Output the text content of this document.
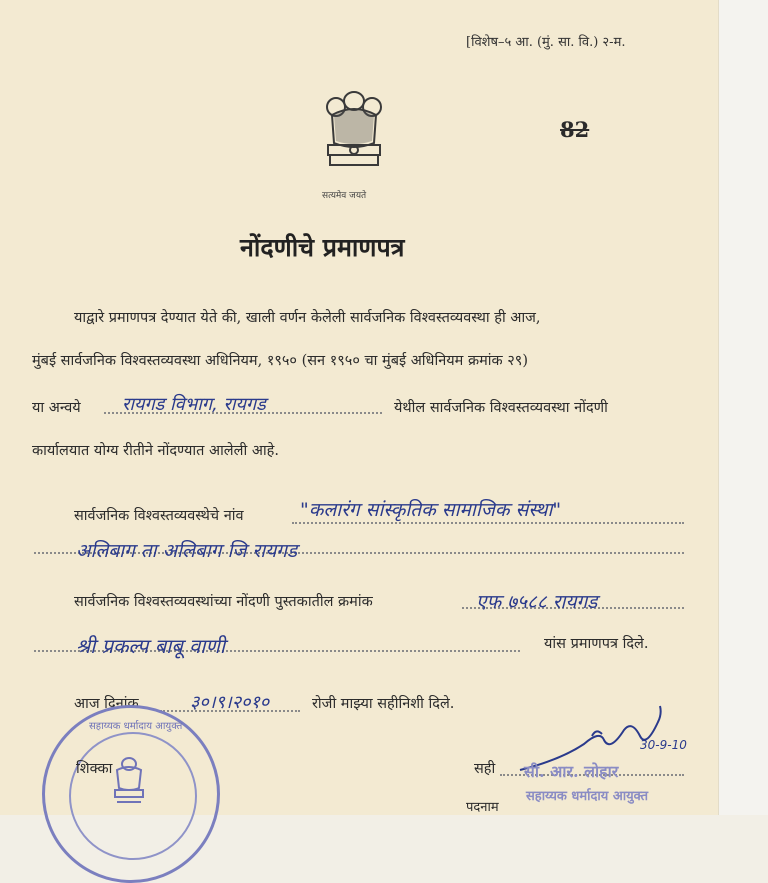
[विशेष–५ आ. (मुं. सा. वि.) २-म.
82
सत्यमेव जयते
नोंदणीचे प्रमाणपत्र
याद्वारे प्रमाणपत्र देण्यात येते की, खाली वर्णन केलेली सार्वजनिक विश्वस्तव्यवस्था ही आज,
मुंबई सार्वजनिक विश्वस्तव्यवस्था अधिनियम, १९५० (सन १९५० चा मुंबई अधिनियम क्रमांक २९)
या अन्वये रायगड विभाग, रायगड	येथील सार्वजनिक विश्वस्तव्यवस्था नोंदणी
कार्यालयात योग्य रीतीने नोंदण्यात आलेली आहे.
सार्वजनिक विश्वस्तव्यवस्थेचे नांव	"कलारंग सांस्कृतिक सामाजिक संस्था"
अलिबाग ता अलिबाग जि रायगड
सार्वजनिक विश्वस्तव्यवस्थांच्या नोंदणी पुस्तकातील क्रमांक	एफ ७५८८ रायगड
श्री प्रकल्प बाबू वाणी	यांस प्रमाणपत्र दिले.
आज दिनांक	३०।९।२०१०	रोजी माझ्या सहीनिशी दिले.
सहाय्यक धर्मादाय आयुक्त
शिक्का	सही
30-9-10
सी. आर. लोहार
सहाय्यक धर्मादाय आयुक्त
पदनाम
